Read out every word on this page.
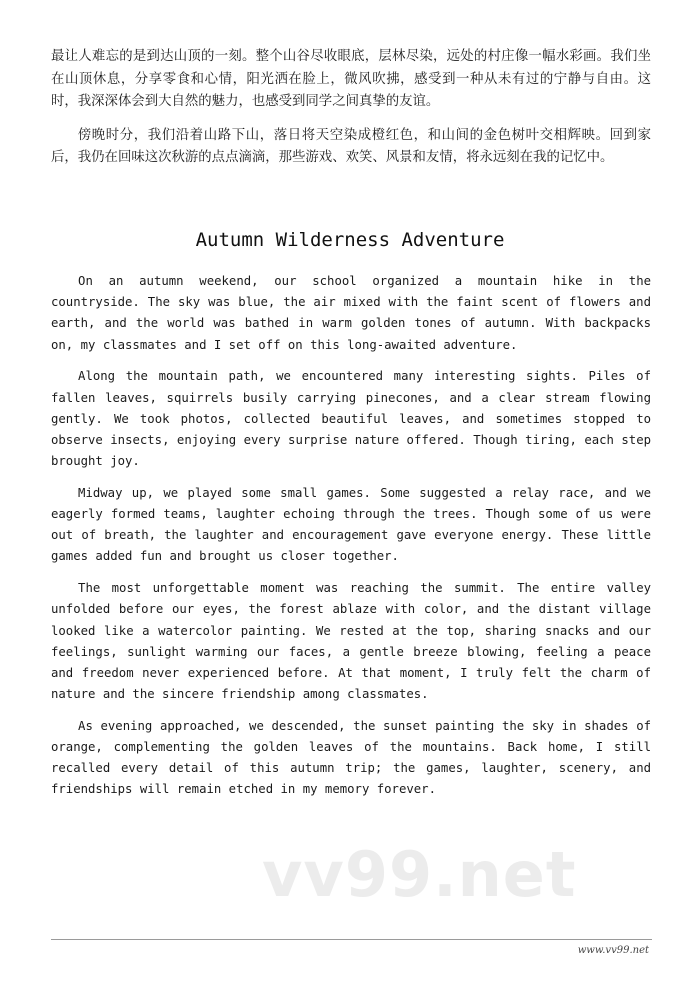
最让人难忘的是到达山顶的一刻。整个山谷尽收眼底，层林尽染，远处的村庄像一幅水彩画。我们坐在山顶休息，分享零食和心情，阳光洒在脸上，微风吹拂，感受到一种从未有过的宁静与自由。这时，我深深体会到大自然的魅力，也感受到同学之间真挚的友谊。

傍晚时分，我们沿着山路下山，落日将天空染成橙红色，和山间的金色树叶交相辉映。回到家后，我仍在回味这次秋游的点点滴滴，那些游戏、欢笑、风景和友情，将永远刻在我的记忆中。

Autumn Wilderness Adventure

On an autumn weekend, our school organized a mountain hike in the countryside. The sky was blue, the air mixed with the faint scent of flowers and earth, and the world was bathed in warm golden tones of autumn. With backpacks on, my classmates and I set off on this long-awaited adventure.

Along the mountain path, we encountered many interesting sights. Piles of fallen leaves, squirrels busily carrying pinecones, and a clear stream flowing gently. We took photos, collected beautiful leaves, and sometimes stopped to observe insects, enjoying every surprise nature offered. Though tiring, each step brought joy.

Midway up, we played some small games. Some suggested a relay race, and we eagerly formed teams, laughter echoing through the trees. Though some of us were out of breath, the laughter and encouragement gave everyone energy. These little games added fun and brought us closer together.

The most unforgettable moment was reaching the summit. The entire valley unfolded before our eyes, the forest ablaze with color, and the distant village looked like a watercolor painting. We rested at the top, sharing snacks and our feelings, sunlight warming our faces, a gentle breeze blowing, feeling a peace and freedom never experienced before. At that moment, I truly felt the charm of nature and the sincere friendship among classmates.

As evening approached, we descended, the sunset painting the sky in shades of orange, complementing the golden leaves of the mountains. Back home, I still recalled every detail of this autumn trip; the games, laughter, scenery, and friendships will remain etched in my memory forever.

vv99.net
www.vv99.net
